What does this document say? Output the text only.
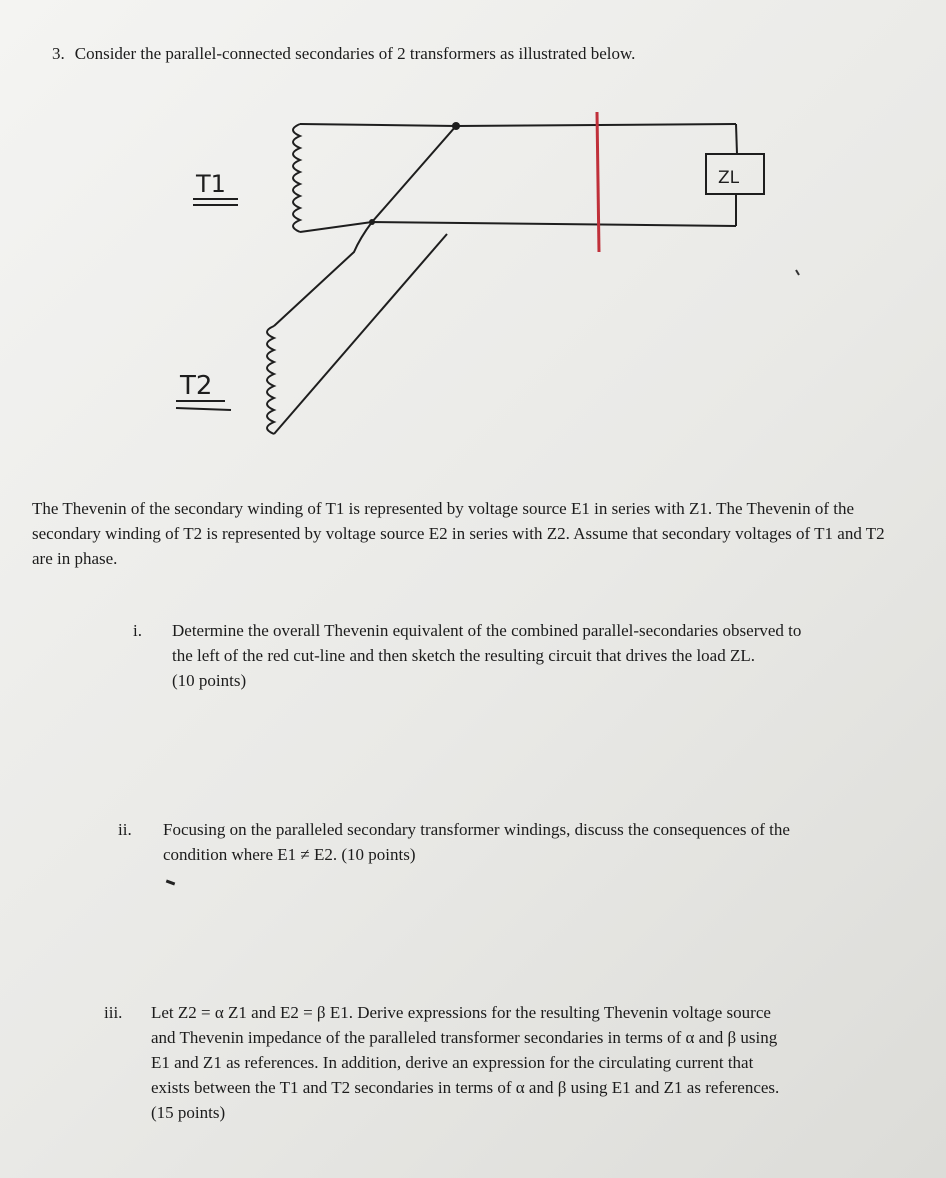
3. Consider the parallel-connected secondaries of 2 transformers as illustrated below.
T1
T2
ZL
The Thevenin of the secondary winding of T1 is represented by voltage source E1 in series with Z1. The Thevenin of the secondary winding of T2 is represented by voltage source E2 in series with Z2. Assume that secondary voltages of T1 and T2 are in phase.
i. Determine the overall Thevenin equivalent of the combined parallel-secondaries observed to
the left of the red cut-line and then sketch the resulting circuit that drives the load ZL.
(10 points)
ii. Focusing on the paralleled secondary transformer windings, discuss the consequences of the
condition where E1 ≠ E2. (10 points)
iii. Let Z2 = α Z1 and E2 = β E1. Derive expressions for the resulting Thevenin voltage source
and Thevenin impedance of the paralleled transformer secondaries in terms of α and β using
E1 and Z1 as references. In addition, derive an expression for the circulating current that
exists between the T1 and T2 secondaries in terms of α and β using E1 and Z1 as references.
(15 points)
